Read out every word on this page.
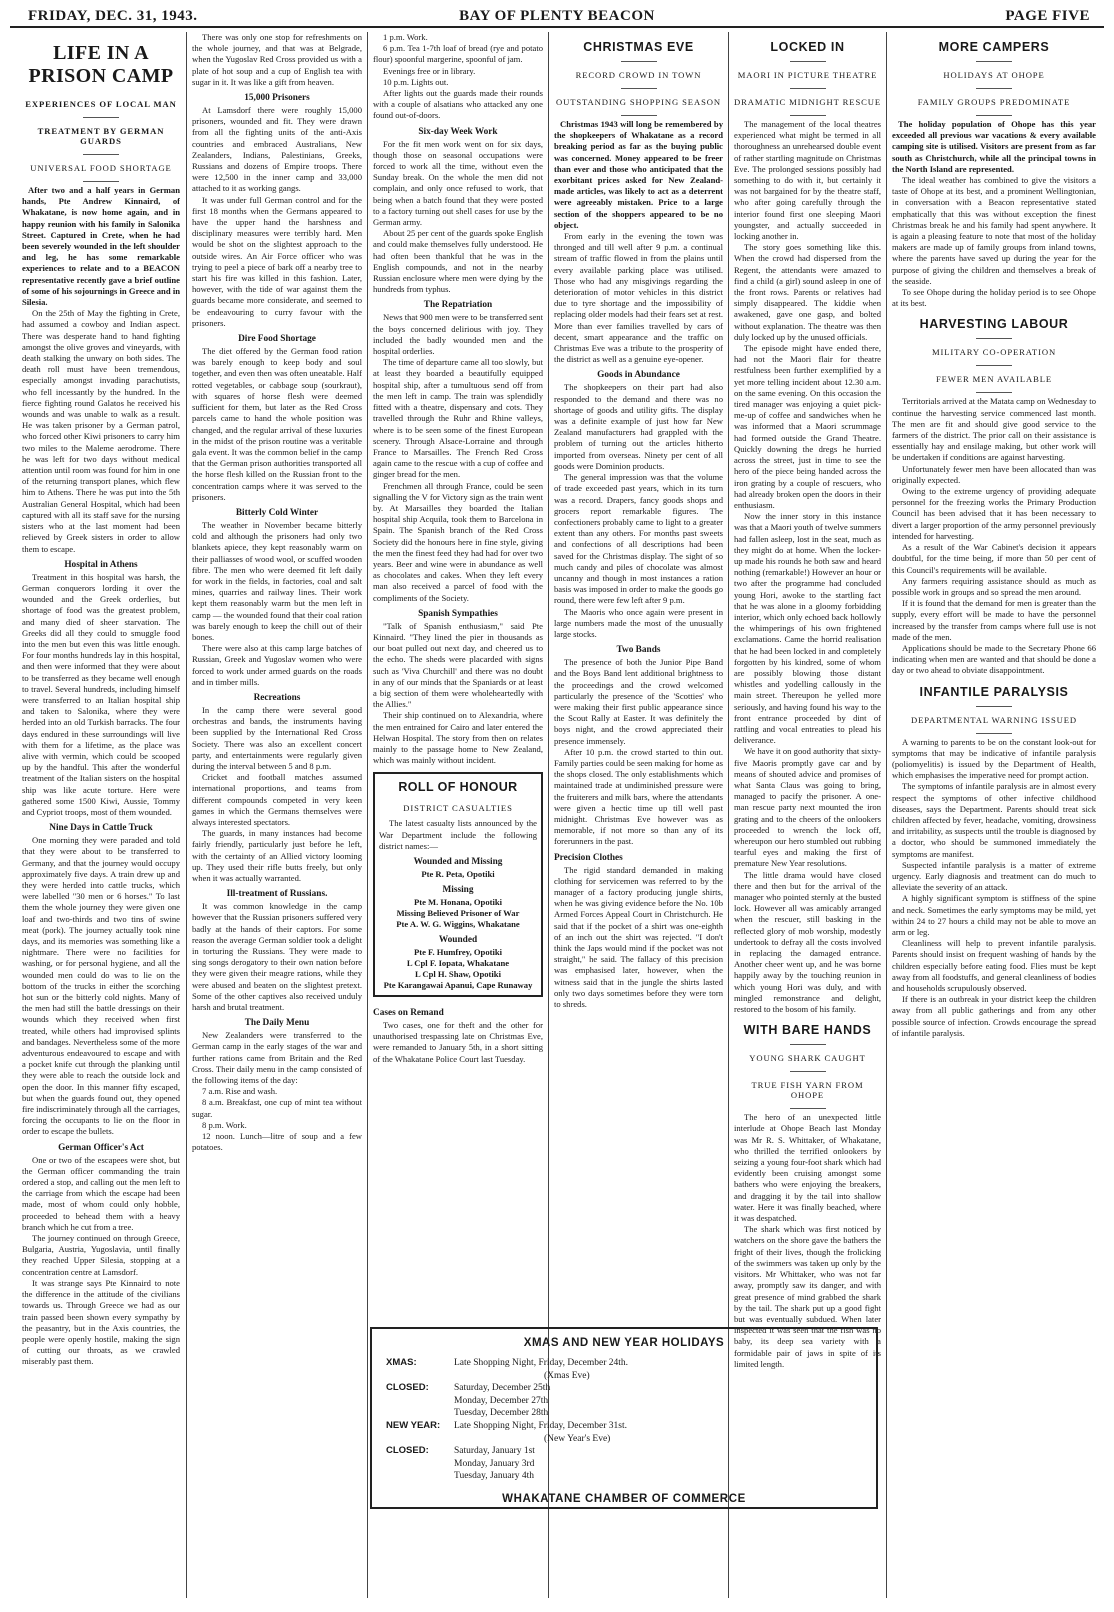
FRIDAY, DEC. 31, 1943.	BAY OF PLENTY BEACON	PAGE FIVE
LIFE IN A PRISON CAMP
EXPERIENCES OF LOCAL MAN
TREATMENT BY GERMAN GUARDS
UNIVERSAL FOOD SHORTAGE

After two and a half years in German hands, Pte Andrew Kinnaird, of Whakatane, is now home again, and in happy reunion with his family in Salonika Street. Captured in Crete, when he had been severely wounded in the left shoulder and leg, he has some remarkable experiences to relate and to a BEACON representative recently gave a brief outline of some of his sojournings in Greece and in Silesia.

On the 25th of May the fighting in Crete, had assumed a cowboy and Indian aspect. There was desperate hand to hand fighting amongst the olive groves and vineyards, with death stalking the unwary on both sides. The death roll must have been tremendous, especially amongst invading parachutists, who fell incessantly by the hundred. In the fierce fighting round Galatos he received his wounds and was unable to walk as a result. He was taken prisoner by a German patrol, who forced other Kiwi prisoners to carry him two miles to the Maleme aerodrome. There he was left for two days without medical attention until room was found for him in one of the returning transport planes, which flew him to Athens. There he was put into the 5th Australian General Hospital, which had been captured with all its staff save for the nursing sisters who at the last moment had been relieved by Greek sisters in order to allow them to escape.

Hospital in Athens

Treatment in this hospital was harsh, the German conquerors lording it over the wounded and the Greek orderlies, but shortage of food was the greatest problem, and many died of sheer starvation. The Greeks did all they could to smuggle food into the men but even this was little enough. For four months hundreds lay in this hospital, and then were informed that they were about to be transferred as they became well enough to travel. Several hundreds, including himself were transferred to an Italian hospital ship and taken to Salonika, where they were herded into an old Turkish barracks. The four days endured in these surroundings will live with them for a lifetime, as the place was alive with vermin, which could be scooped up by the handful. This after the wonderful treatment of the Italian sisters on the hospital ship was like acute torture. Here were gathered some 1500 Kiwi, Aussie, Tommy and Cypriot troops, most of them wounded.

Nine Days in Cattle Truck

One morning they were paraded and told that they were about to be transferred to Germany, and that the journey would occupy approximately five days. A train drew up and they were herded into cattle trucks, which were labelled "30 men or 6 horses." To last them the whole journey they were given one loaf and two-thirds and two tins of swine meat (pork). The journey actually took nine days, and its memories was something like a nightmare. There were no facilities for washing, or for personal hygiene, and all the wounded men could do was to lie on the bottom of the trucks in either the scorching hot sun or the bitterly cold nights. Many of the men had still the battle dressings on their wounds which they received when first treated, while others had improvised splints and bandages. Nevertheless some of the more adventurous endeavoured to escape and with a pocket knife cut through the planking until they were able to reach the outside lock and open the door. In this manner fifty escaped, but when the guards found out, they opened fire indiscriminately through all the carriages, forcing the occupants to lie on the floor in order to escape the bullets.

German Officer's Act

One or two of the escapees were shot, but the German officer commanding the train ordered a stop, and calling out the men left to the carriage from which the escape had been made, most of whom could only hobble, proceeded to behead them with a heavy branch which he cut from a tree.

The journey continued on through Greece, Bulgaria, Austria, Yugoslavia, until finally they reached Upper Silesia, stopping at a concentration centre at Lamsdorf.

It was strange says Pte Kinnaird to note the difference in the attitude of the civilians towards us. Through Greece we had as our train passed been shown every sympathy by the peasantry, but in the Axis countries, the people were openly hostile, making the sign of cutting our throats, as we crawled miserably past them.

There was only one stop for refreshments on the whole journey, and that was at Belgrade, when the Yugoslav Red Cross provided us with a plate of hot soup and a cup of English tea with sugar in it. It was like a gift from heaven.

15,000 Prisoners

At Lamsdorf there were roughly 15,000 prisoners, wounded and fit. They were drawn from all the fighting units of the anti-Axis countries and embraced Australians, New Zealanders, Indians, Palestinians, Greeks, Russians and dozens of Empire troops. There were 12,500 in the inner camp and 33,000 attached to it as working gangs.

It was under full German control and for the first 18 months when the Germans appeared to have the upper hand the harshness and disciplinary measures were terribly hard. Men would be shot on the slightest approach to the outside wires. An Air Force officer who was trying to peel a piece of bark off a nearby tree to start his fire was killed in this fashion. Later, however, with the tide of war against them the guards became more considerate, and seemed to be endeavouring to curry favour with the prisoners.

Dire Food Shortage

The diet offered by the German food ration was barely enough to keep body and soul together, and even then was often uneatable. Half rotted vegetables, or cabbage soup (sourkraut), with squares of horse flesh were deemed sufficient for them, but later as the Red Cross parcels came to hand the whole position was changed, and the regular arrival of these luxuries in the midst of the prison routine was a veritable gala event. It was the common belief in the camp that the German prison authorities transported all the horse flesh killed on the Russian front to the concentration camps where it was served to the prisoners.

Bitterly Cold Winter

The weather in November became bitterly cold and although the prisoners had only two blankets apiece, they kept reasonably warm on their palliasses of wood wool, or scuffed wooden fibre. The men who were deemed fit left daily for work in the fields, in factories, coal and salt mines, quarries and railway lines. Their work kept them reasonably warm but the men left in camp — the wounded found that their coal ration was barely enough to keep the chill out of their bones.

There were also at this camp large batches of Russian, Greek and Yugoslav women who were forced to work under armed guards on the roads and in timber mills.

Recreations

In the camp there were several good orchestras and bands, the instruments having been supplied by the International Red Cross Society. There was also an excellent concert party, and entertainments were regularly given during the interval between 5 and 8 p.m.

Cricket and football matches assumed international proportions, and teams from different compounds competed in very keen games in which the Germans themselves were always interested spectators.

The guards, in many instances had become fairly friendly, particularly just before he left, with the certainty of an Allied victory looming up. They used their rifle butts freely, but only when it was actually warranted.

Ill-treatment of Russians.

It was common knowledge in the camp however that the Russian prisoners suffered very badly at the hands of their captors. For some reason the average German soldier took a delight in torturing the Russians. They were made to sing songs derogatory to their own nation before they were given their meagre rations, while they were abused and beaten on the slightest pretext. Some of the other captives also received unduly harsh and brutal treatment.

The Daily Menu

New Zealanders were transferred to the German camp in the early stages of the war and further rations came from Britain and the Red Cross. Their daily menu in the camp consisted of the following items of the day:

7 a.m. Rise and wash.

8 a.m. Breakfast, one cup of mint tea without sugar.

8 p.m. Work.

12 noon. Lunch—litre of soup and a few potatoes.

1 p.m. Work.

6 p.m. Tea 1-7th loaf of bread (rye and potato flour) spoonful margerine, spoonful of jam.

Evenings free or in library.

10 p.m. Lights out.

After lights out the guards made their rounds with a couple of alsatians who attacked any one found out-of-doors.

Six-day Week Work

For the fit men work went on for six days, though those on seasonal occupations were forced to work all the time, without even the Sunday break. On the whole the men did not complain, and only once refused to work, that being when a batch found that they were posted to a factory turning out shell cases for use by the German army.

About 25 per cent of the guards spoke English and could make themselves fully understood. He had often been thankful that he was in the English compounds, and not in the nearby Russian enclosure where men were dying by the hundreds from typhus.

The Repatriation

News that 900 men were to be transferred sent the boys concerned delirious with joy. They included the badly wounded men and the hospital orderlies.

The time of departure came all too slowly, but at least they boarded a beautifully equipped hospital ship, after a tumultuous send off from the men left in camp. The train was splendidly fitted with a theatre, dispensary and cots. They travelled through the Ruhr and Rhine valleys, where is to be seen some of the finest European scenery. Through Alsace-Lorraine and through France to Marsailles. The French Red Cross again came to the rescue with a cup of coffee and ginger bread for the men.

Frenchmen all through France, could be seen signalling the V for Victory sign as the train went by. At Marsailles they boarded the Italian hospital ship Acquila, took them to Barcelona in Spain. The Spanish branch of the Red Cross Society did the honours here in fine style, giving the men the finest feed they had had for over two years. Beer and wine were in abundance as well as chocolates and cakes. When they left every man also received a parcel of food with the compliments of the Society.

Spanish Sympathies

"Talk of Spanish enthusiasm," said Pte Kinnaird. "They lined the pier in thousands as our boat pulled out next day, and cheered us to the echo. The sheds were placarded with signs such as 'Viva Churchill' and there was no doubt in any of our minds that the Spaniards or at least a big section of them were wholeheartedly with the Allies."

Their ship continued on to Alexandria, where the men entrained for Cairo and later entered the Helwan Hospital. The story from then on relates mainly to the passage home to New Zealand, which was mainly without incident.

ROLL OF HONOUR
DISTRICT CASUALTIES

The latest casualty lists announced by the War Department include the following district names:—

Wounded and Missing
Pte R. Peta, Opotiki
Missing
Pte M. Honana, Opotiki
Missing Believed Prisoner of War
Pte A. W. G. Wiggins, Whakatane
Wounded
Pte F. Humfrey, Opotiki
L Cpl F. Iopata, Whakatane
L Cpl H. Shaw, Opotiki
Pte Karangawai Apanui, Cape Runaway
Cases on Remand

Two cases, one for theft and the other for unauthorised trespassing late on Christmas Eve, were remanded to January 5th, in a short sitting of the Whakatane Police Court last Tuesday.

CHRISTMAS EVE
RECORD CROWD IN TOWN
OUTSTANDING SHOPPING SEASON

Christmas 1943 will long be remembered by the shopkeepers of Whakatane as a record breaking period as far as the buying public was concerned. Money appeared to be freer than ever and those who anticipated that the exorbitant prices asked for New Zealand-made articles, was likely to act as a deterrent were agreeably mistaken. Price to a large section of the shoppers appeared to be no object.

From early in the evening the town was thronged and till well after 9 p.m. a continual stream of traffic flowed in from the plains until every available parking place was utilised. Those who had any misgivings regarding the deterioration of motor vehicles in this district due to tyre shortage and the impossibility of replacing older models had their fears set at rest. More than ever families travelled by cars of decent, smart appearance and the traffic on Christmas Eve was a tribute to the prosperity of the district as well as a genuine eye-opener.

Goods in Abundance

The shopkeepers on their part had also responded to the demand and there was no shortage of goods and utility gifts. The display was a definite example of just how far New Zealand manufacturers had grappled with the problem of turning out the articles hitherto imported from overseas. Ninety per cent of all goods were Dominion products.

The general impression was that the volume of trade exceeded past years, which in its turn was a record. Drapers, fancy goods shops and grocers report remarkable figures. The confectioners probably came to light to a greater extent than any others. For months past sweets and confections of all descriptions had been saved for the Christmas display. The sight of so much candy and piles of chocolate was almost uncanny and though in most instances a ration basis was imposed in order to make the goods go round, there were few left after 9 p.m.

The Maoris who once again were present in large numbers made the most of the unusually large stocks.

Two Bands

The presence of both the Junior Pipe Band and the Boys Band lent additional brightness to the proceedings and the crowd welcomed particularly the presence of the 'Scotties' who were making their first public appearance since the Scout Rally at Easter. It was definitely the boys night, and the crowd appreciated their presence immensely.

After 10 p.m. the crowd started to thin out. Family parties could be seen making for home as the shops closed. The only establishments which maintained trade at undiminished pressure were the fruiterers and milk bars, where the attendants were given a hectic time up till well past midnight. Christmas Eve however was as memorable, if not more so than any of its forerunners in the past.

Precision Clothes

The rigid standard demanded in making clothing for servicemen was referred to by the manager of a factory producing jungle shirts, when he was giving evidence before the No. 10b Armed Forces Appeal Court in Christchurch. He said that if the pocket of a shirt was one-eighth of an inch out the shirt was rejected. "I don't think the Japs would mind if the pocket was not straight," he said. The fallacy of this precision was emphasised later, however, when the witness said that in the jungle the shirts lasted only two days sometimes before they were torn to shreds.

LOCKED IN
MAORI IN PICTURE THEATRE
DRAMATIC MIDNIGHT RESCUE

The management of the local theatres experienced what might be termed in all thoroughness an unrehearsed double event of rather startling magnitude on Christmas Eve. The prolonged sessions possibly had something to do with it, but certainly it was not bargained for by the theatre staff, who after going carefully through the interior found first one sleeping Maori youngster, and actually succeeded in locking another in.

The story goes something like this. When the crowd had dispersed from the Regent, the attendants were amazed to find a child (a girl) sound asleep in one of the front rows. Parents or relatives had simply disappeared. The kiddie when awakened, gave one gasp, and bolted without explanation. The theatre was then duly locked up by the unused officials.

The episode might have ended there, had not the Maori flair for theatre restfulness been further exemplified by a yet more telling incident about 12.30 a.m. on the same evening. On this occasion the tired manager was enjoying a quiet pick-me-up of coffee and sandwiches when he was informed that a Maori scrummage had formed outside the Grand Theatre. Quickly downing the dregs he hurried across the street, just in time to see the hero of the piece being handed across the iron grating by a couple of rescuers, who had already broken open the doors in their enthusiasm.

Now the inner story in this instance was that a Maori youth of twelve summers had fallen asleep, lost in the seat, much as they might do at home. When the locker-up made his rounds he both saw and heard nothing (remarkable!) However an hour or two after the programme had concluded young Hori, awoke to the startling fact that he was alone in a gloomy forbidding interior, which only echoed back hollowly the whimperings of his own frightened exclamations. Came the horrid realisation that he had been locked in and completely forgotten by his kindred, some of whom are possibly blowing those distant whistles and yodelling callously in the main street. Thereupon he yelled more seriously, and having found his way to the front entrance proceeded by dint of rattling and vocal entreaties to plead his deliverance.

We have it on good authority that sixty-five Maoris promptly gave car and by means of shouted advice and promises of what Santa Claus was going to bring, managed to pacify the prisoner. A one-man rescue party next mounted the iron grating and to the cheers of the onlookers proceeded to wrench the lock off, whereupon our hero stumbled out rubbing tearful eyes and making the first of premature New Year resolutions.

The little drama would have closed there and then but for the arrival of the manager who pointed sternly at the busted lock. However all was amicably arranged when the rescuer, still basking in the reflected glory of mob worship, modestly undertook to defray all the costs involved in replacing the damaged entrance. Another cheer went up, and he was borne happily away by the touching reunion in which young Hori was duly, and with mingled remonstrance and delight, restored to the bosom of his family.

WITH BARE HANDS
YOUNG SHARK CAUGHT
TRUE FISH YARN FROM OHOPE

The hero of an unexpected little interlude at Ohope Beach last Monday was Mr R. S. Whittaker, of Whakatane, who thrilled the terrified onlookers by seizing a young four-foot shark which had evidently been cruising amongst some bathers who were enjoying the breakers, and dragging it by the tail into shallow water. Here it was finally beached, where it was despatched.

The shark which was first noticed by watchers on the shore gave the bathers the fright of their lives, though the frolicking of the swimmers was taken up only by the visitors. Mr Whittaker, who was not far away, promptly saw its danger, and with great presence of mind grabbed the shark by the tail. The shark put up a good fight but was eventually subdued. When later inspected it was seen that the fish was no baby, its deep sea variety with a formidable pair of jaws in spite of its limited length.

MORE CAMPERS
HOLIDAYS AT OHOPE
FAMILY GROUPS PREDOMINATE

The holiday population of Ohope has this year exceeded all previous war vacations & every available camping site is utilised. Visitors are present from as far south as Christchurch, while all the principal towns in the North Island are represented.

The ideal weather has combined to give the visitors a taste of Ohope at its best, and a prominent Wellingtonian, in conversation with a Beacon representative stated emphatically that this was without exception the finest Christmas break he and his family had spent anywhere. It is again a pleasing feature to note that most of the holiday makers are made up of family groups from inland towns, where the parents have saved up during the year for the purpose of giving the children and themselves a break of the seaside.

To see Ohope during the holiday period is to see Ohope at its best.

HARVESTING LABOUR
MILITARY CO-OPERATION
FEWER MEN AVAILABLE

Territorials arrived at the Matata camp on Wednesday to continue the harvesting service commenced last month. The men are fit and should give good service to the farmers of the district. The prior call on their assistance is essentially hay and ensilage making, but other work will be undertaken if conditions are against harvesting.

Unfortunately fewer men have been allocated than was originally expected.

Owing to the extreme urgency of providing adequate personnel for the freezing works the Primary Production Council has been advised that it has been necessary to divert a larger proportion of the army personnel previously intended for harvesting.

As a result of the War Cabinet's decision it appears doubtful, for the time being, if more than 50 per cent of this Council's requirements will be available.

Any farmers requiring assistance should as much as possible work in groups and so spread the men around.

If it is found that the demand for men is greater than the supply, every effort will be made to have the personnel increased by the transfer from camps where full use is not made of the men.

Applications should be made to the Secretary Phone 66 indicating when men are wanted and that should be done a day or two ahead to obviate disappointment.

INFANTILE PARALYSIS
DEPARTMENTAL WARNING ISSUED

A warning to parents to be on the constant look-out for symptoms that may be indicative of infantile paralysis (poliomyelitis) is issued by the Department of Health, which emphasises the imperative need for prompt action.

The symptoms of infantile paralysis are in almost every respect the symptoms of other infective childhood diseases, says the Department. Parents should treat sick children affected by fever, headache, vomiting, drowsiness and irritability, as suspects until the trouble is diagnosed by a doctor, who should be summoned immediately the symptoms are manifest.

Suspected infantile paralysis is a matter of extreme urgency. Early diagnosis and treatment can do much to alleviate the severity of an attack.

A highly significant symptom is stiffness of the spine and neck. Sometimes the early symptoms may be mild, yet within 24 to 27 hours a child may not be able to move an arm or leg.

Cleanliness will help to prevent infantile paralysis. Parents should insist on frequent washing of hands by the children especially before eating food. Flies must be kept away from all foodstuffs, and general cleanliness of bodies and households scrupulously observed.

If there is an outbreak in your district keep the children away from all public gatherings and from any other possible source of infection. Crowds encourage the spread of infantile paralysis.

XMAS AND NEW YEAR HOLIDAYS
XMAS:	Late Shopping Night, Friday, December 24th.
(Xmas Eve)
CLOSED:	Saturday, December 25th
Monday, December 27th
Tuesday, December 28th
NEW YEAR:	Late Shopping Night, Friday, December 31st.
(New Year's Eve)
CLOSED:	Saturday, January 1st
Monday, January 3rd
Tuesday, January 4th
WHAKATANE CHAMBER OF COMMERCE
